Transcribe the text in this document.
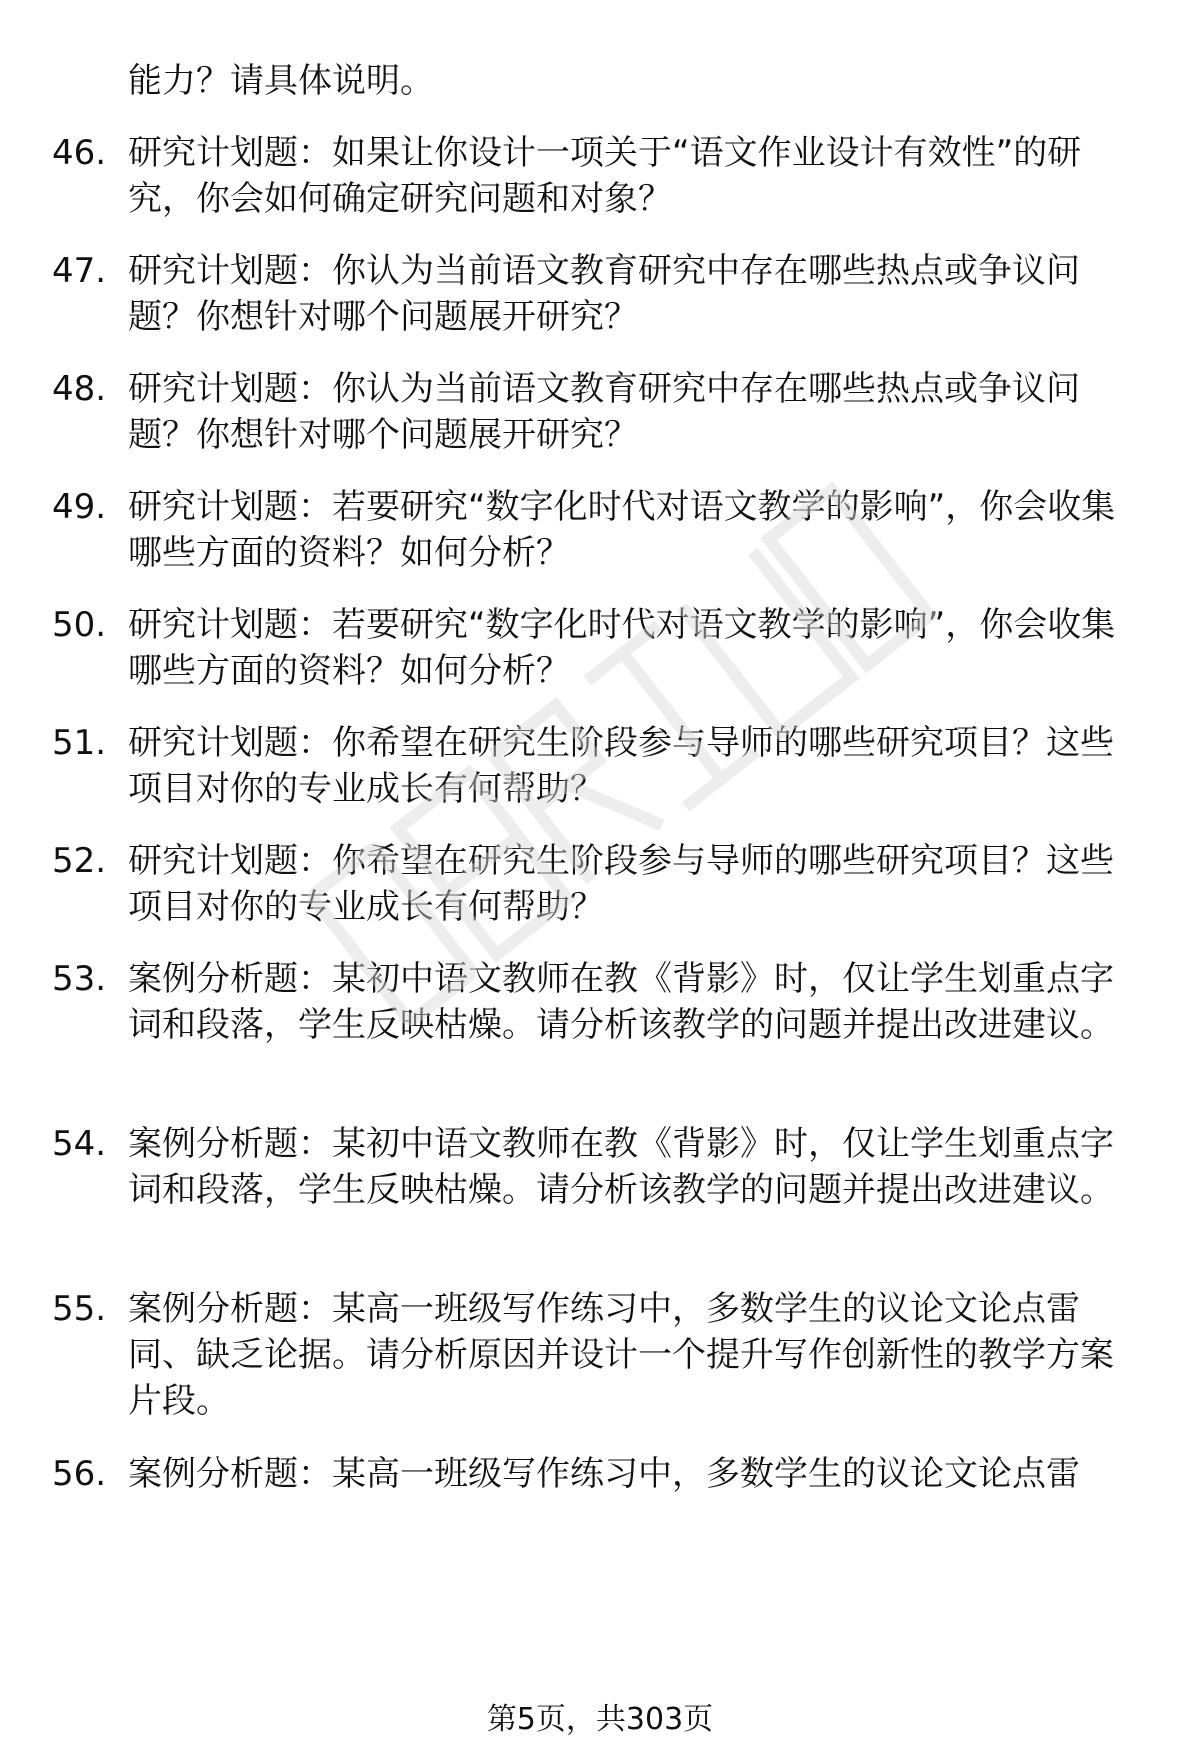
能力？请具体说明。
46. 研究计划题：如果让你设计一项关于“语文作业设计有效性”的研究，你会如何确定研究问题和对象？
47. 研究计划题：你认为当前语文教育研究中存在哪些热点或争议问题？你想针对哪个问题展开研究？
48. 研究计划题：你认为当前语文教育研究中存在哪些热点或争议问题？你想针对哪个问题展开研究？
49. 研究计划题：若要研究“数字化时代对语文教学的影响”，你会收集哪些方面的资料？如何分析？
50. 研究计划题：若要研究“数字化时代对语文教学的影响”，你会收集哪些方面的资料？如何分析？
51. 研究计划题：你希望在研究生阶段参与导师的哪些研究项目？这些项目对你的专业成长有何帮助？
52. 研究计划题：你希望在研究生阶段参与导师的哪些研究项目？这些项目对你的专业成长有何帮助？
53. 案例分析题：某初中语文教师在教《背影》时，仅让学生划重点字词和段落，学生反映枯燥。请分析该教学的问题并提出改进建议。
54. 案例分析题：某初中语文教师在教《背影》时，仅让学生划重点字词和段落，学生反映枯燥。请分析该教学的问题并提出改进建议。
55. 案例分析题：某高一班级写作练习中，多数学生的议论文论点雷同、缺乏论据。请分析原因并设计一个提升写作创新性的教学方案片段。
56. 案例分析题：某高一班级写作练习中，多数学生的议论文论点雷
第5页，共303页
